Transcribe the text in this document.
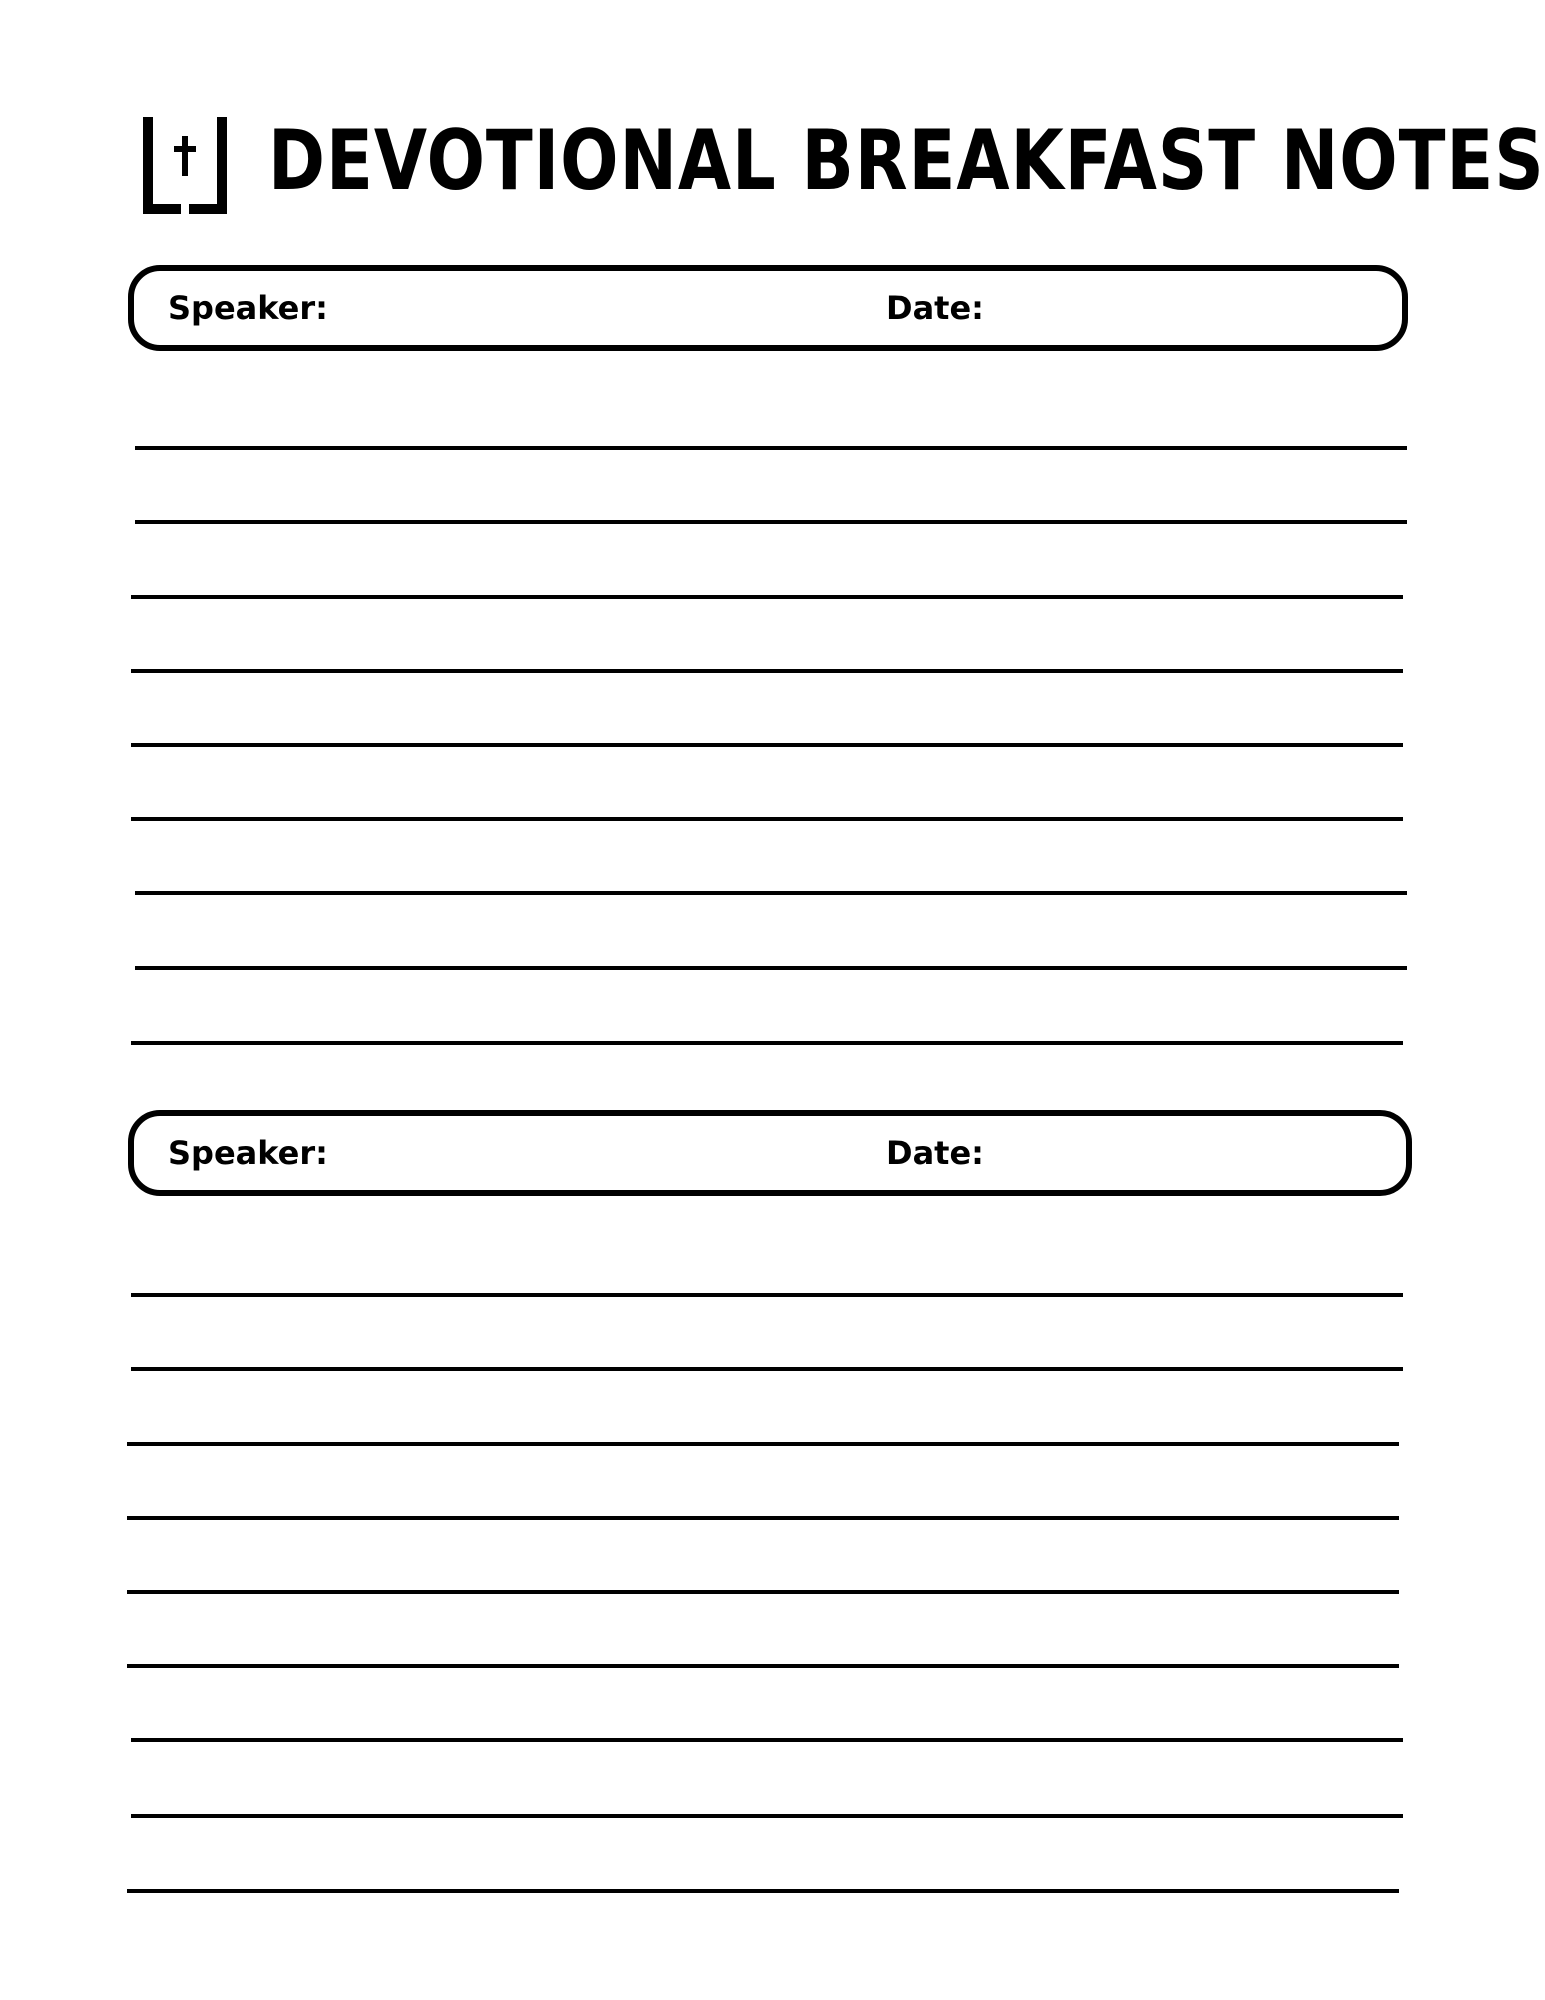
DEVOTIONAL BREAKFAST NOTES
Speaker:	Date:
Speaker:	Date:
